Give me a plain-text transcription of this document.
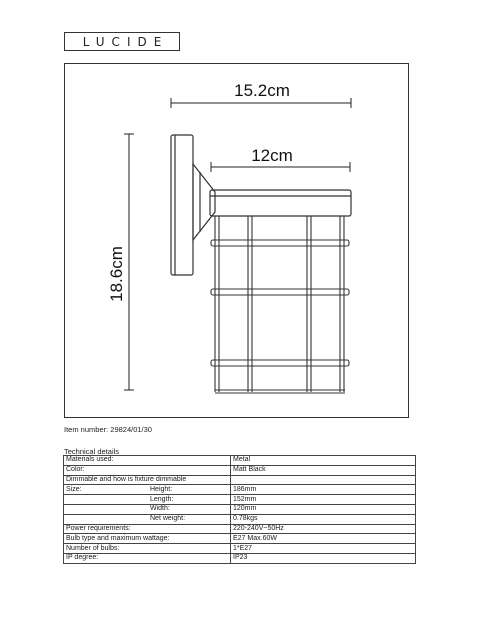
LUCIDE
15.2cm
12cm
18.6cm
Item number: 29824/01/30
Technical details
Materials used:		Metal
Color:		Matt Black
Dimmable and how is fixture dimmable		
Size:	Height:	186mm
	Length:	152mm
	Width:	120mm
	Net weight:	0.78kgs
Power requirements:		220-240V~50Hz
Bulb type and maximum wattage:		E27 Max.60W
Number of bulbs:		1*E27
IP degree:		IP23
